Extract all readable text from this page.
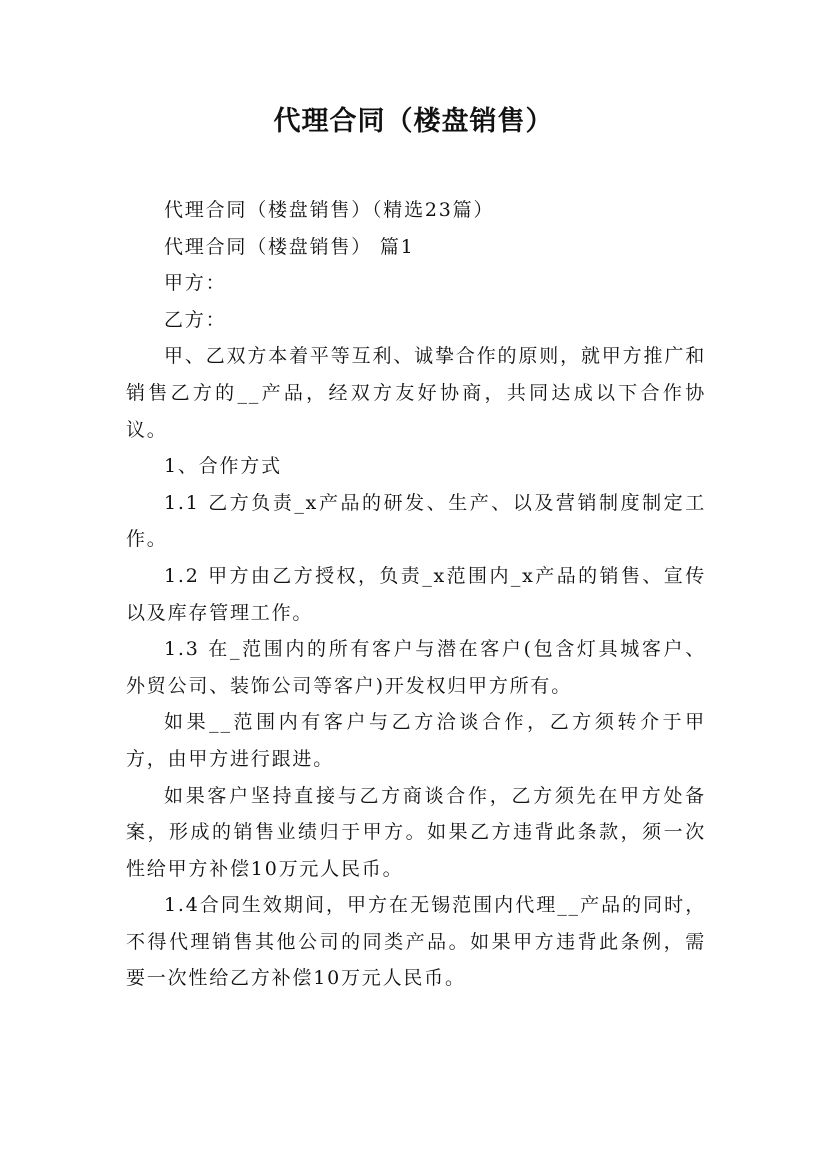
代理合同（楼盘销售）

代理合同（楼盘销售）（精选23篇）

代理合同（楼盘销售） 篇1

甲方：

乙方：

甲、乙双方本着平等互利、诚挚合作的原则，就甲方推广和销售乙方的__产品，经双方友好协商，共同达成以下合作协议。

1、合作方式

1.1 乙方负责_x产品的研发、生产、以及营销制度制定工作。

1.2 甲方由乙方授权，负责_x范围内_x产品的销售、宣传以及库存管理工作。

1.3 在_范围内的所有客户与潜在客户(包含灯具城客户、外贸公司、装饰公司等客户)开发权归甲方所有。

如果__范围内有客户与乙方洽谈合作，乙方须转介于甲方，由甲方进行跟进。

如果客户坚持直接与乙方商谈合作，乙方须先在甲方处备案，形成的销售业绩归于甲方。如果乙方违背此条款，须一次性给甲方补偿10万元人民币。

1.4合同生效期间，甲方在无锡范围内代理__产品的同时，不得代理销售其他公司的同类产品。如果甲方违背此条例，需要一次性给乙方补偿10万元人民币。
